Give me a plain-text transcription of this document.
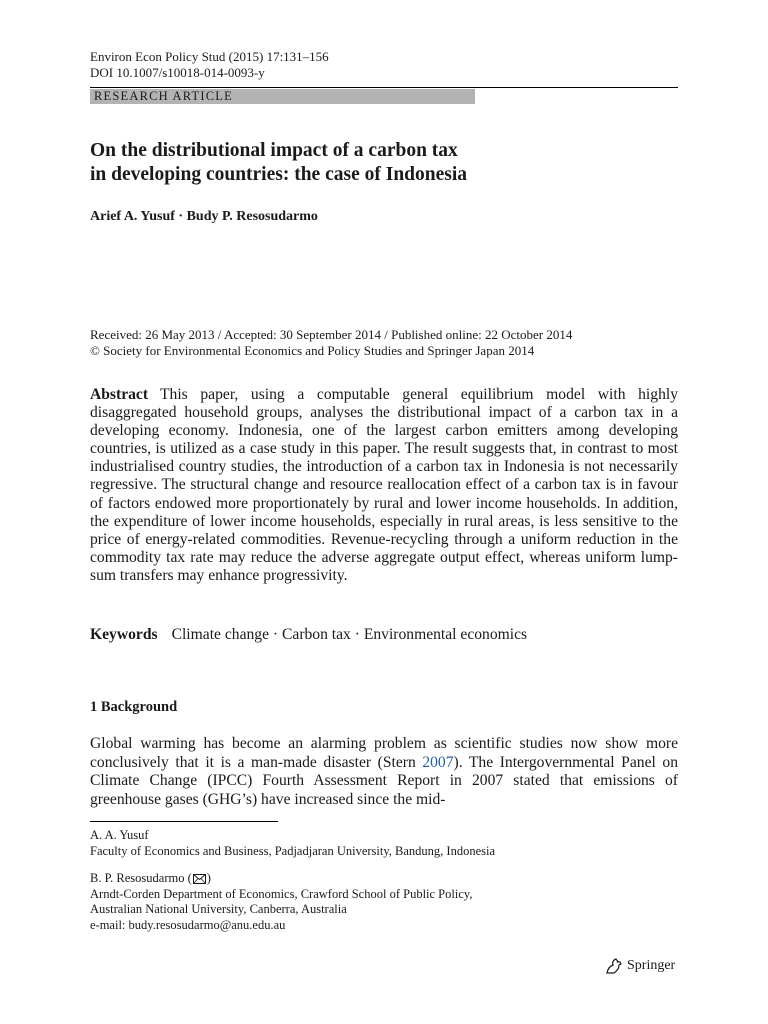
Environ Econ Policy Stud (2015) 17:131–156
DOI 10.1007/s10018-014-0093-y
RESEARCH ARTICLE
On the distributional impact of a carbon tax
in developing countries: the case of Indonesia
Arief A. Yusuf · Budy P. Resosudarmo
Received: 26 May 2013 / Accepted: 30 September 2014 / Published online: 22 October 2014
© Society for Environmental Economics and Policy Studies and Springer Japan 2014
Abstract This paper, using a computable general equilibrium model with highly disaggregated household groups, analyses the distributional impact of a carbon tax in a developing economy. Indonesia, one of the largest carbon emitters among developing countries, is utilized as a case study in this paper. The result suggests that, in contrast to most industrialised country studies, the introduction of a carbon tax in Indonesia is not necessarily regressive. The structural change and resource reallocation effect of a carbon tax is in favour of factors endowed more proportionately by rural and lower income households. In addition, the expenditure of lower income households, especially in rural areas, is less sensitive to the price of energy-related commodities. Revenue-recycling through a uniform reduction in the commodity tax rate may reduce the adverse aggregate output effect, whereas uniform lump-sum transfers may enhance progressivity.
Keywords Climate change · Carbon tax · Environmental economics
1 Background
Global warming has become an alarming problem as scientific studies now show more conclusively that it is a man-made disaster (Stern 2007). The Intergovernmental Panel on Climate Change (IPCC) Fourth Assessment Report in 2007 stated that emissions of greenhouse gases (GHG’s) have increased since the mid-
A. A. Yusuf
Faculty of Economics and Business, Padjadjaran University, Bandung, Indonesia
B. P. Resosudarmo ( )
Arndt-Corden Department of Economics, Crawford School of Public Policy,
Australian National University, Canberra, Australia
e-mail: budy.resosudarmo@anu.edu.au
Springer
